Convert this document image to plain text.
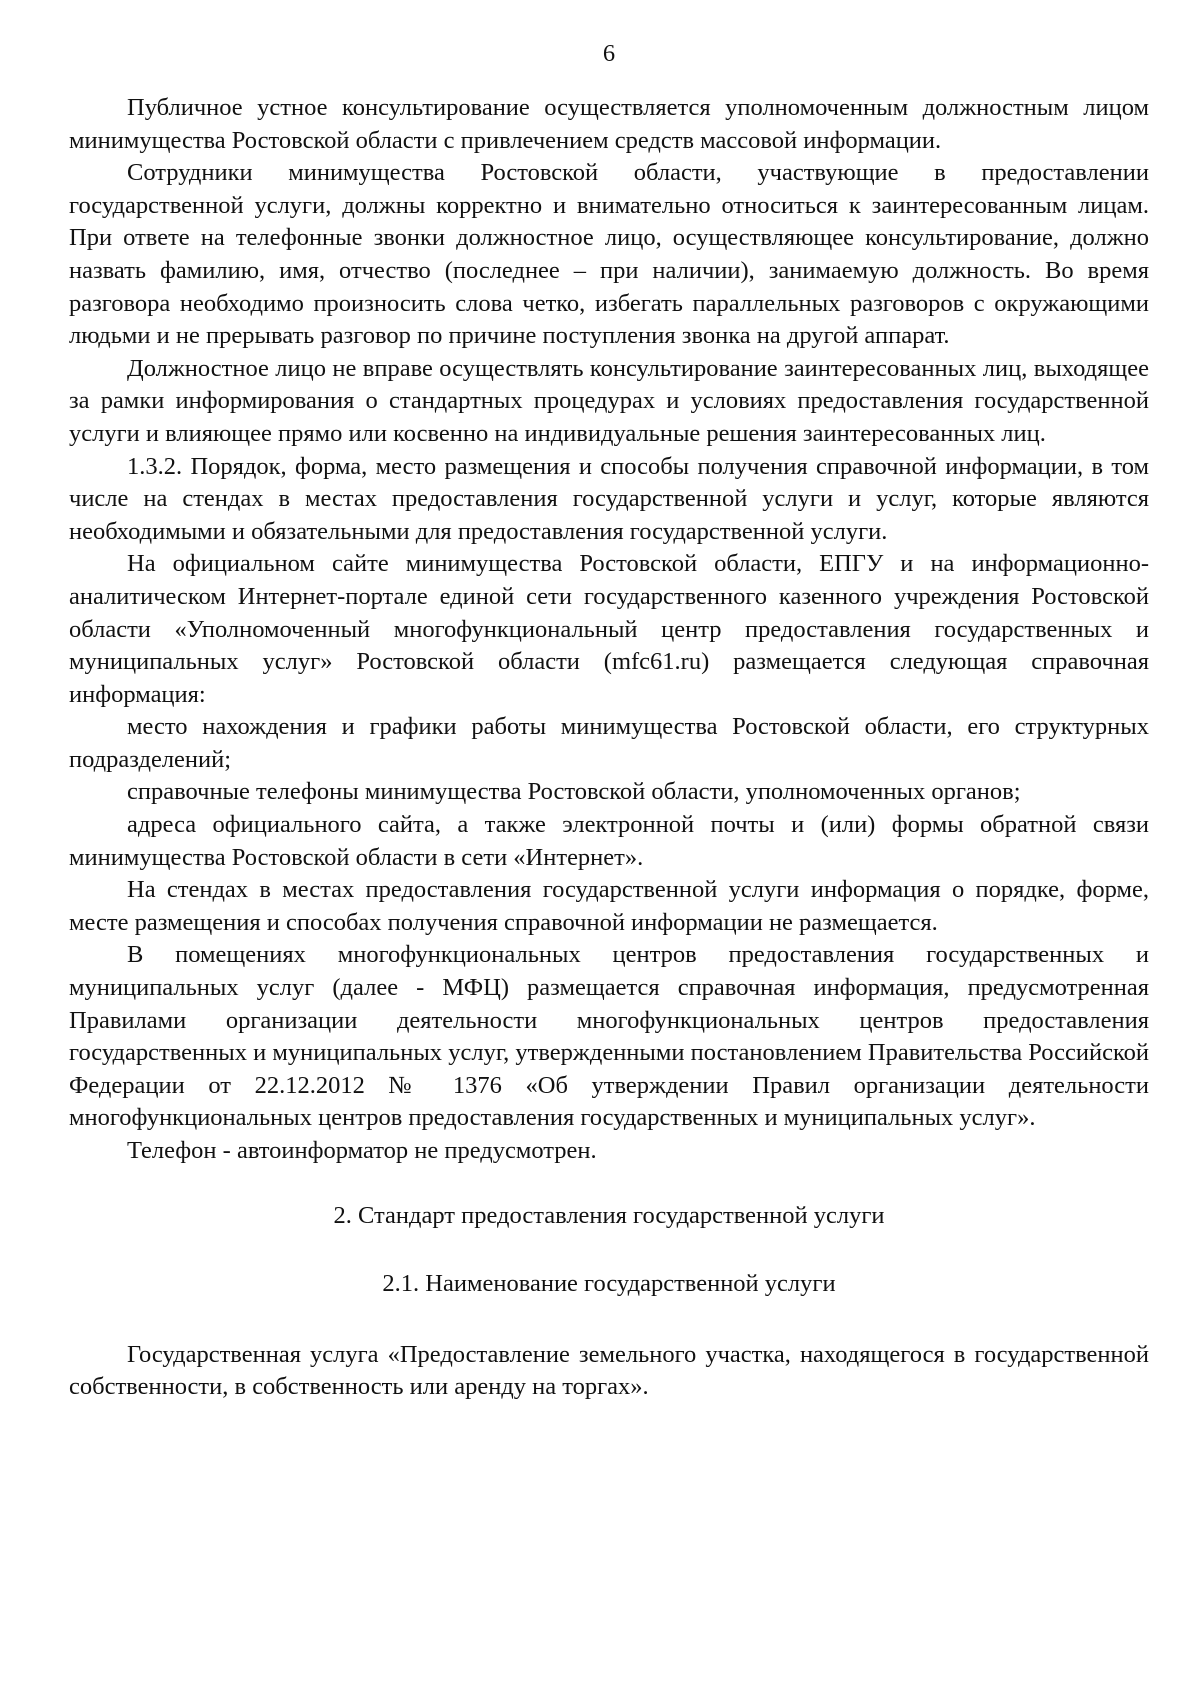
6

Публичное устное консультирование осуществляется уполномоченным должностным лицом минимущества Ростовской области с привлечением средств массовой информации.

Сотрудники минимущества Ростовской области, участвующие в предоставлении государственной услуги, должны корректно и внимательно относиться к заинтересованным лицам. При ответе на телефонные звонки должностное лицо, осуществляющее консультирование, должно назвать фамилию, имя, отчество (последнее – при наличии), занимаемую должность. Во время разговора необходимо произносить слова четко, избегать параллельных разговоров с окружающими людьми и не прерывать разговор по причине поступления звонка на другой аппарат.

Должностное лицо не вправе осуществлять консультирование заинтересованных лиц, выходящее за рамки информирования о стандартных процедурах и условиях предоставления государственной услуги и влияющее прямо или косвенно на индивидуальные решения заинтересованных лиц.

1.3.2. Порядок, форма, место размещения и способы получения справочной информации, в том числе на стендах в местах предоставления государственной услуги и услуг, которые являются необходимыми и обязательными для предоставления государственной услуги.

На официальном сайте минимущества Ростовской области, ЕПГУ и на информационно-аналитическом Интернет-портале единой сети государственного казенного учреждения Ростовской области «Уполномоченный многофункциональный центр предоставления государственных и муниципальных услуг» Ростовской области (mfc61.ru) размещается следующая справочная информация:

место нахождения и графики работы минимущества Ростовской области, его структурных подразделений;

справочные телефоны минимущества Ростовской области, уполномоченных органов;

адреса официального сайта, а также электронной почты и (или) формы обратной связи минимущества Ростовской области в сети «Интернет».

На стендах в местах предоставления государственной услуги информация о порядке, форме, месте размещения и способах получения справочной информации не размещается.

В помещениях многофункциональных центров предоставления государственных и муниципальных услуг (далее - МФЦ) размещается справочная информация, предусмотренная Правилами организации деятельности многофункциональных центров предоставления государственных и муниципальных услуг, утвержденными постановлением Правительства Российской Федерации от 22.12.2012 № 1376 «Об утверждении Правил организации деятельности многофункциональных центров предоставления государственных и муниципальных услуг».

Телефон - автоинформатор не предусмотрен.

2. Стандарт предоставления государственной услуги
2.1. Наименование государственной услуги

Государственная услуга «Предоставление земельного участка, находящегося в государственной собственности, в собственность или аренду на торгах».
